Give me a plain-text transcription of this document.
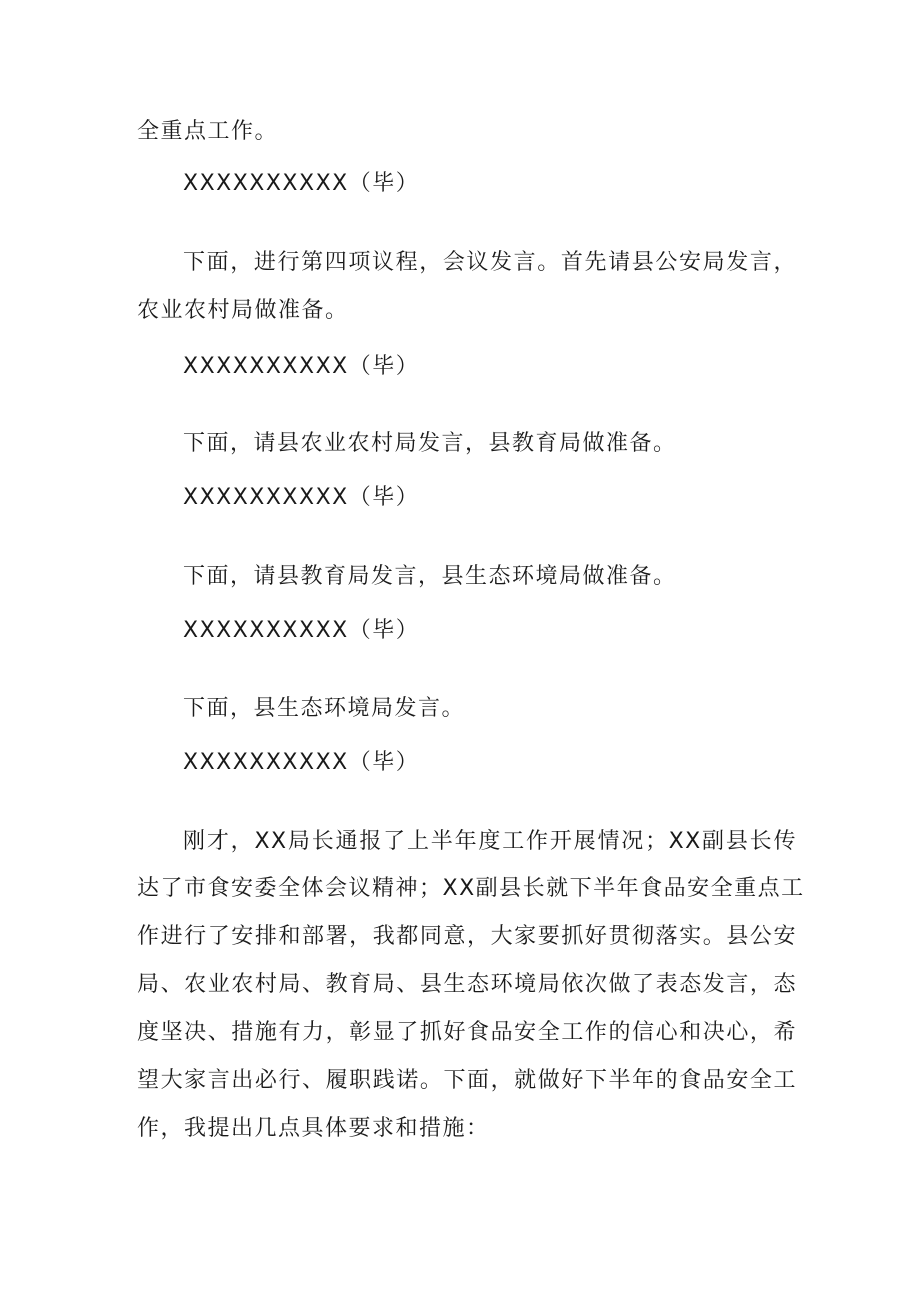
全重点工作。
XXXXXXXXXX（毕）
下面，进行第四项议程，会议发言。首先请县公安局发言，
农业农村局做准备。
XXXXXXXXXX（毕）
下面，请县农业农村局发言，县教育局做准备。
XXXXXXXXXX（毕）
下面，请县教育局发言，县生态环境局做准备。
XXXXXXXXXX（毕）
下面，县生态环境局发言。
XXXXXXXXXX（毕）
刚才，XX局长通报了上半年度工作开展情况；XX副县长传
达了市食安委全体会议精神；XX副县长就下半年食品安全重点工
作进行了安排和部署，我都同意，大家要抓好贯彻落实。县公安
局、农业农村局、教育局、县生态环境局依次做了表态发言，态
度坚决、措施有力，彰显了抓好食品安全工作的信心和决心，希
望大家言出必行、履职践诺。下面，就做好下半年的食品安全工
作，我提出几点具体要求和措施：
